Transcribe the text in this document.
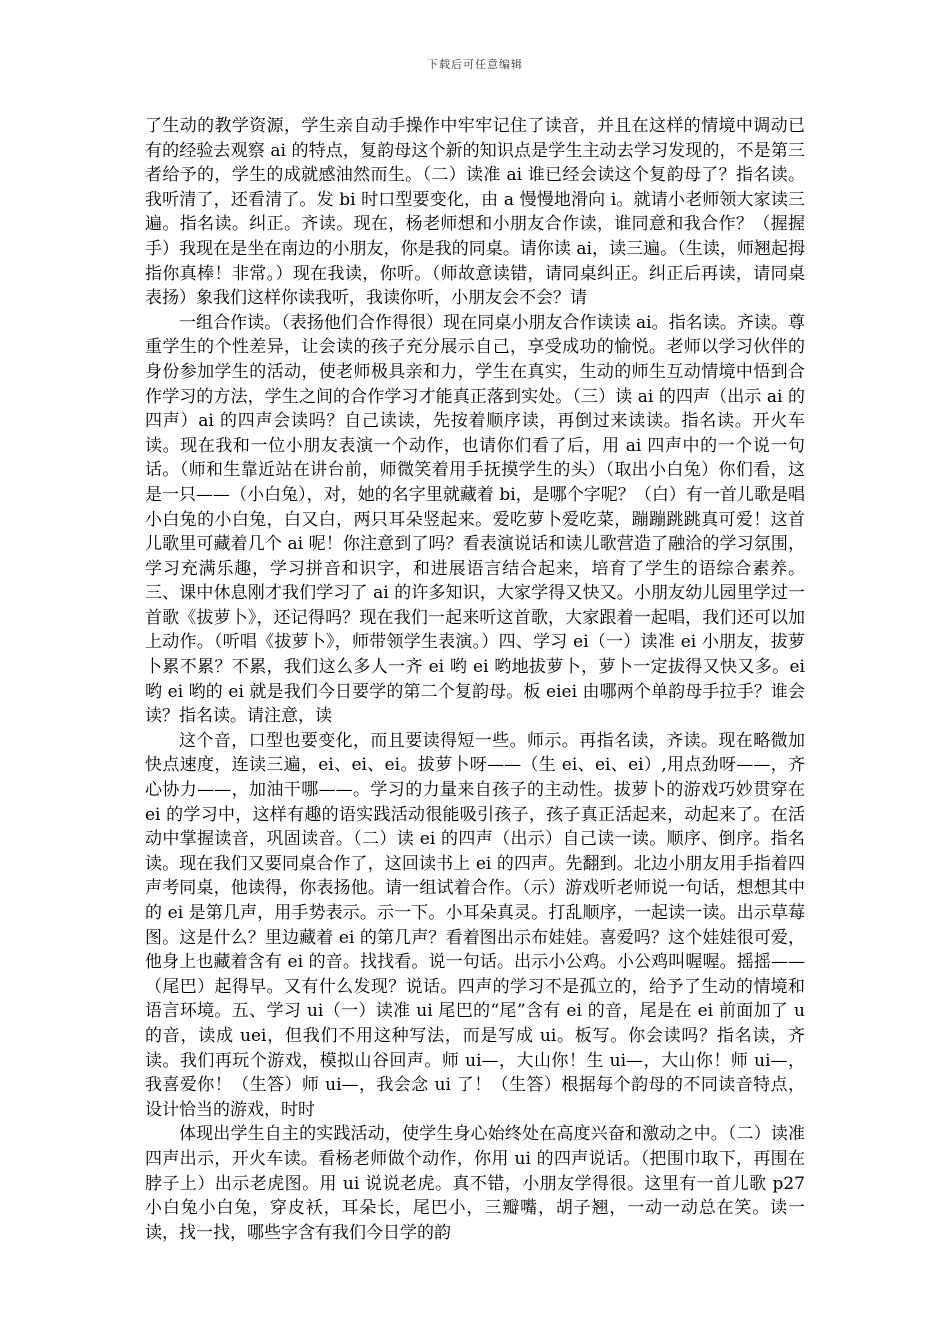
下载后可任意编辑

了生动的教学资源，学生亲自动手操作中牢牢记住了读音，并且在这样的情境中调动已有的经验去观察 ai 的特点，复韵母这个新的知识点是学生主动去学习发现的，不是第三者给予的，学生的成就感油然而生。（二）读准 ai 谁已经会读这个复韵母了？指名读。我听清了，还看清了。发 bi 时口型要变化，由 a 慢慢地滑向 i。就请小老师领大家读三遍。指名读。纠正。齐读。现在，杨老师想和小朋友合作读，谁同意和我合作？（握握手）我现在是坐在南边的小朋友，你是我的同桌。请你读 ai，读三遍。（生读，师翘起拇指你真棒！非常。）现在我读，你听。（师故意读错，请同桌纠正。纠正后再读，请同桌表扬）象我们这样你读我听，我读你听，小朋友会不会？请

一组合作读。（表扬他们合作得很）现在同桌小朋友合作读读 ai。指名读。齐读。尊重学生的个性差异，让会读的孩子充分展示自己，享受成功的愉悦。老师以学习伙伴的身份参加学生的活动，使老师极具亲和力，学生在真实，生动的师生互动情境中悟到合作学习的方法，学生之间的合作学习才能真正落到实处。（三）读 ai 的四声（出示 ai 的四声）ai 的四声会读吗？自己读读，先按着顺序读，再倒过来读读。指名读。开火车读。现在我和一位小朋友表演一个动作，也请你们看了后，用 ai 四声中的一个说一句话。（师和生靠近站在讲台前，师微笑着用手抚摸学生的头）（取出小白兔）你们看，这是一只——（小白兔），对，她的名字里就藏着 bi，是哪个字呢？（白）有一首儿歌是唱小白兔的小白兔，白又白，两只耳朵竖起来。爱吃萝卜爱吃菜，蹦蹦跳跳真可爱！这首儿歌里可藏着几个 ai 呢！你注意到了吗？看表演说话和读儿歌营造了融洽的学习氛围，学习充满乐趣，学习拼音和识字，和进展语言结合起来，培育了学生的语综合素养。三、课中休息刚才我们学习了 ai 的许多知识，大家学得又快又。小朋友幼儿园里学过一首歌《拔萝卜》，还记得吗？现在我们一起来听这首歌，大家跟着一起唱，我们还可以加上动作。（听唱《拔萝卜》，师带领学生表演。）四、学习 ei（一）读准 ei 小朋友，拔萝卜累不累？不累，我们这么多人一齐 ei 哟 ei 哟地拔萝卜，萝卜一定拔得又快又多。ei 哟 ei 哟的 ei 就是我们今日要学的第二个复韵母。板 eiei 由哪两个单韵母手拉手？谁会读？指名读。请注意，读

这个音，口型也要变化，而且要读得短一些。师示。再指名读，齐读。现在略微加快点速度，连读三遍，ei、ei、ei。拔萝卜呀——（生 ei、ei、ei）,用点劲呀——，齐心协力——，加油干哪——。学习的力量来自孩子的主动性。拔萝卜的游戏巧妙贯穿在 ei 的学习中，这样有趣的语实践活动很能吸引孩子，孩子真正活起来，动起来了。在活动中掌握读音，巩固读音。（二）读 ei 的四声（出示）自己读一读。顺序、倒序。指名读。现在我们又要同桌合作了，这回读书上 ei 的四声。先翻到。北边小朋友用手指着四声考同桌，他读得，你表扬他。请一组试着合作。（示）游戏听老师说一句话，想想其中的 ei 是第几声，用手势表示。示一下。小耳朵真灵。打乱顺序，一起读一读。出示草莓图。这是什么？里边藏着 ei 的第几声？看着图出示布娃娃。喜爱吗？这个娃娃很可爱，他身上也藏着含有 ei 的音。找找看。说一句话。出示小公鸡。小公鸡叫喔喔。摇摇——（尾巴）起得早。又有什么发现？说话。四声的学习不是孤立的，给予了生动的情境和语言环境。五、学习 ui（一）读准 ui 尾巴的“尾”含有 ei 的音，尾是在 ei 前面加了 u 的音，读成 uei，但我们不用这种写法，而是写成 ui。板写。你会读吗？指名读，齐读。我们再玩个游戏，模拟山谷回声。师 ui—，大山你！生 ui—，大山你！师 ui—，我喜爱你！（生答）师 ui—，我会念 ui 了！（生答）根据每个韵母的不同读音特点，设计恰当的游戏，时时

体现出学生自主的实践活动，使学生身心始终处在高度兴奋和激动之中。（二）读准四声出示，开火车读。看杨老师做个动作，你用 ui 的四声说话。（把围巾取下，再围在脖子上）出示老虎图。用 ui 说说老虎。真不错，小朋友学得很。这里有一首儿歌 p27 小白兔小白兔，穿皮袄，耳朵长，尾巴小，三瓣嘴，胡子翘，一动一动总在笑。读一读，找一找，哪些字含有我们今日学的韵
